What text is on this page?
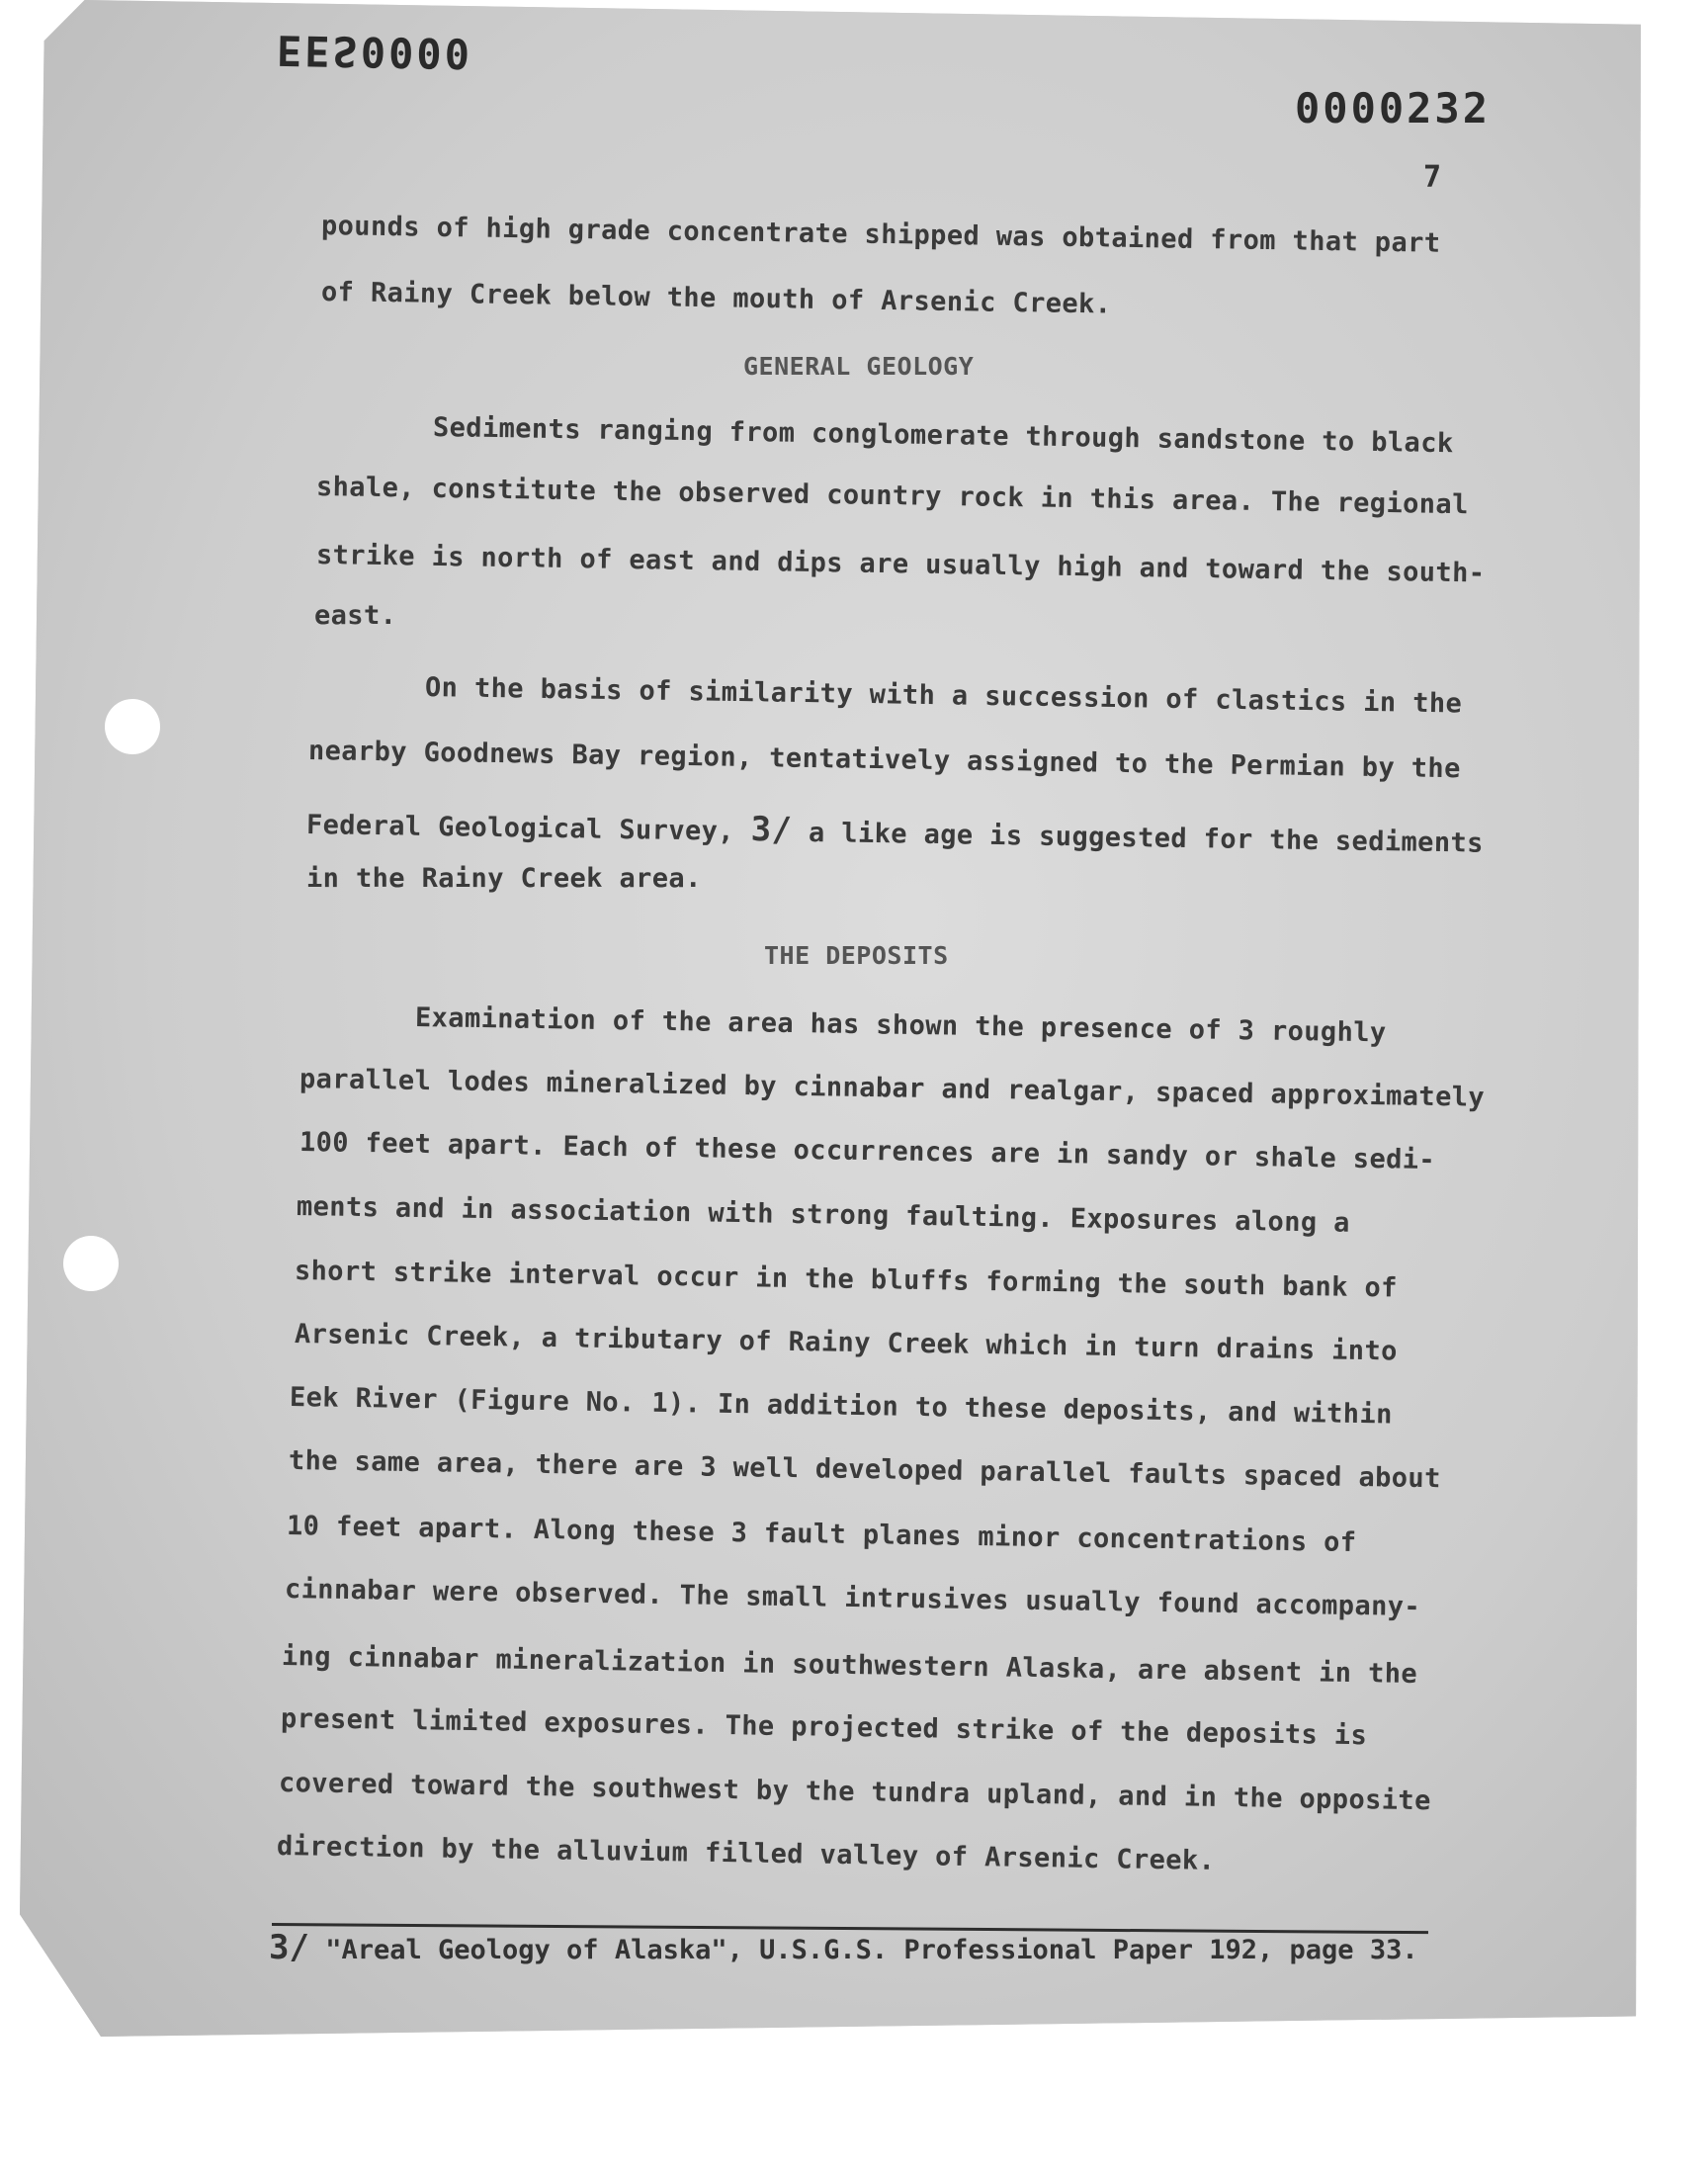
EES0000
0000232
7
pounds of high grade concentrate shipped was obtained from that part
of Rainy Creek below the mouth of Arsenic Creek.
GENERAL GEOLOGY
Sediments ranging from conglomerate through sandstone to black
shale, constitute the observed country rock in this area. The regional
strike is north of east and dips are usually high and toward the south-
east.
On the basis of similarity with a succession of clastics in the
nearby Goodnews Bay region, tentatively assigned to the Permian by the
Federal Geological Survey, 3/ a like age is suggested for the sediments
in the Rainy Creek area.
THE DEPOSITS
Examination of the area has shown the presence of 3 roughly
parallel lodes mineralized by cinnabar and realgar, spaced approximately
100 feet apart. Each of these occurrences are in sandy or shale sedi-
ments and in association with strong faulting. Exposures along a
short strike interval occur in the bluffs forming the south bank of
Arsenic Creek, a tributary of Rainy Creek which in turn drains into
Eek River (Figure No. 1). In addition to these deposits, and within
the same area, there are 3 well developed parallel faults spaced about
10 feet apart. Along these 3 fault planes minor concentrations of
cinnabar were observed. The small intrusives usually found accompany-
ing cinnabar mineralization in southwestern Alaska, are absent in the
present limited exposures. The projected strike of the deposits is
covered toward the southwest by the tundra upland, and in the opposite
direction by the alluvium filled valley of Arsenic Creek.
3/ "Areal Geology of Alaska", U.S.G.S. Professional Paper 192, page 33.
